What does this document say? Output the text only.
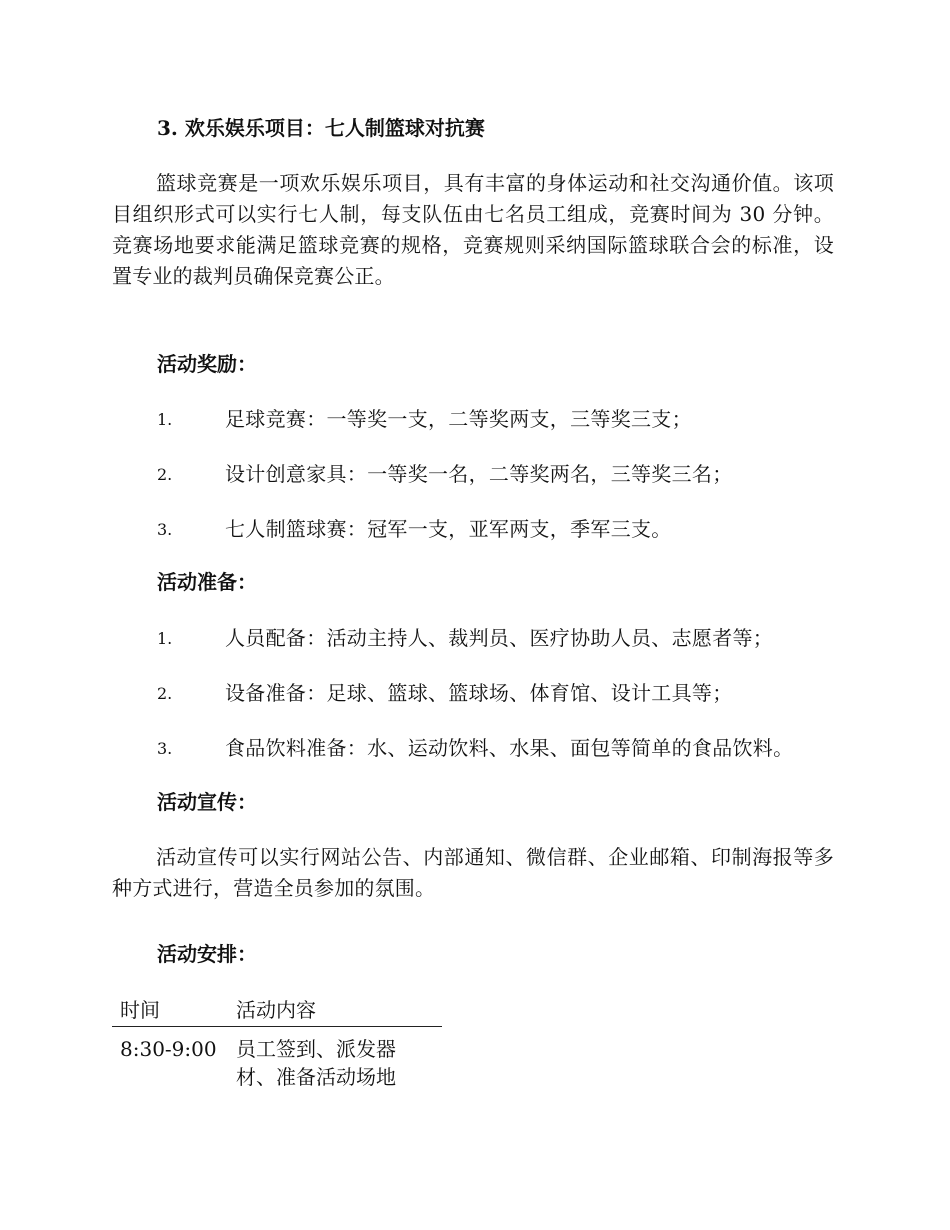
3. 欢乐娱乐项目：七人制篮球对抗赛
篮球竞赛是一项欢乐娱乐项目，具有丰富的身体运动和社交沟通价值。该项目组织形式可以实行七人制，每支队伍由七名员工组成，竞赛时间为 30 分钟。竞赛场地要求能满足篮球竞赛的规格，竞赛规则采纳国际篮球联合会的标准，设置专业的裁判员确保竞赛公正。
活动奖励：
1.	足球竞赛：一等奖一支，二等奖两支，三等奖三支；
2.	设计创意家具：一等奖一名，二等奖两名，三等奖三名；
3.	七人制篮球赛：冠军一支，亚军两支，季军三支。
活动准备：
1.	人员配备：活动主持人、裁判员、医疗协助人员、志愿者等；
2.	设备准备：足球、篮球、篮球场、体育馆、设计工具等；
3.	食品饮料准备：水、运动饮料、水果、面包等简单的食品饮料。
活动宣传：
活动宣传可以实行网站公告、内部通知、微信群、企业邮箱、印制海报等多种方式进行，营造全员参加的氛围。
活动安排：
时间	活动内容
8:30-9:00 员工签到、派发器材、准备活动场地
